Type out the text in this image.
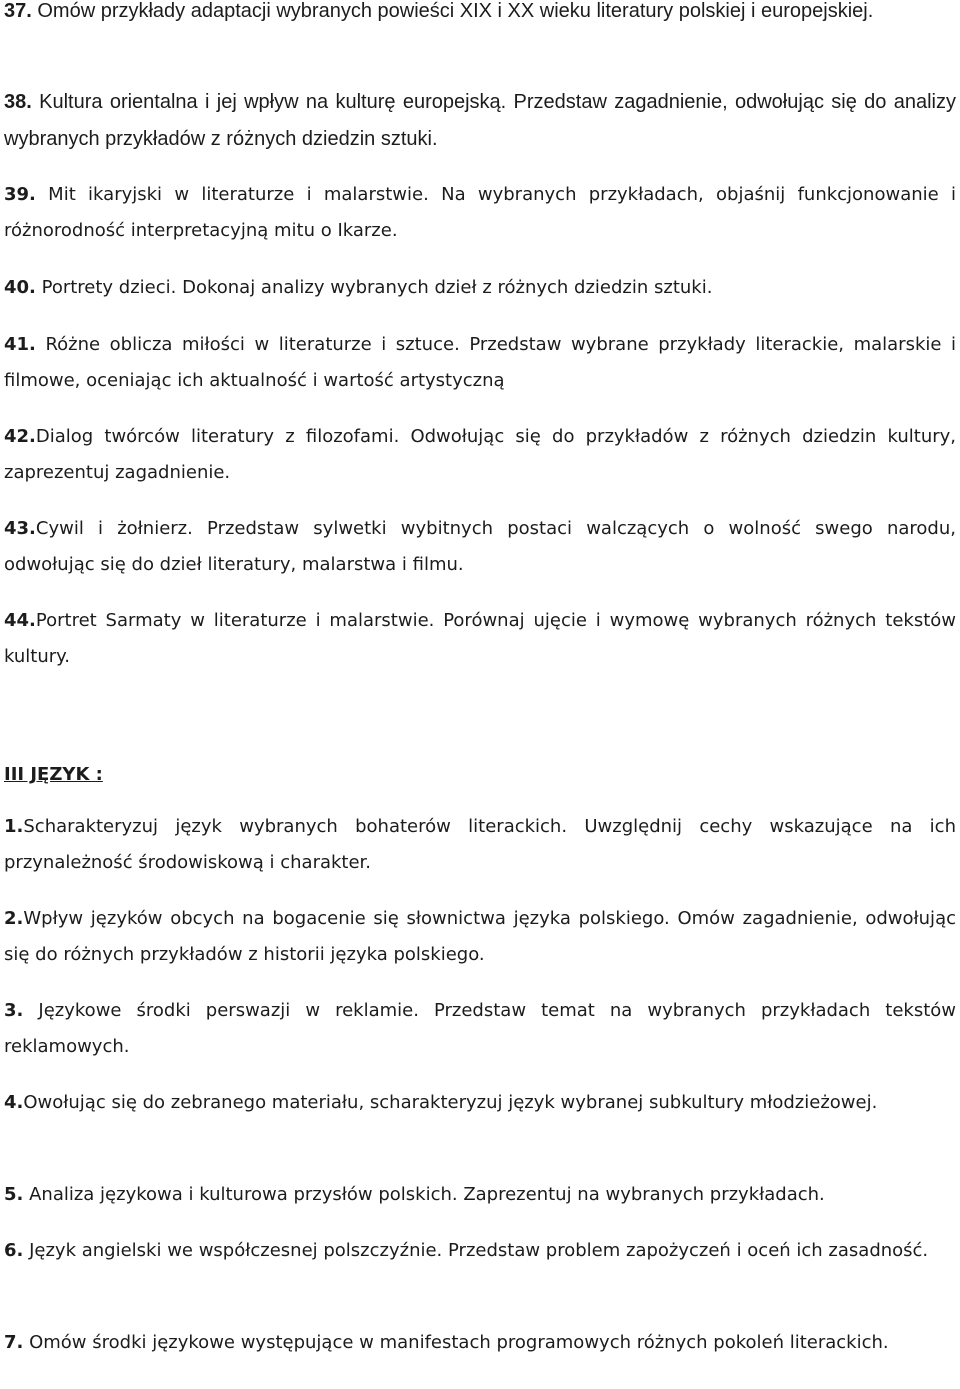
37. Omów przykłady adaptacji wybranych powieści XIX i XX wieku literatury polskiej i europejskiej.

38. Kultura orientalna i jej wpływ na kulturę europejską. Przedstaw zagadnienie, odwołując się do analizy wybranych przykładów z różnych dziedzin sztuki.

39. Mit ikaryjski w literaturze i malarstwie. Na wybranych przykładach, objaśnij funkcjonowanie i różnorodność interpretacyjną mitu o Ikarze.

40. Portrety dzieci. Dokonaj analizy wybranych dzieł z różnych dziedzin sztuki.

41. Różne oblicza miłości w literaturze i sztuce. Przedstaw wybrane przykłady literackie, malarskie i filmowe, oceniając ich aktualność i wartość artystyczną

42.Dialog twórców literatury z filozofami. Odwołując się do przykładów z różnych dziedzin kultury, zaprezentuj zagadnienie.

43.Cywil i żołnierz. Przedstaw sylwetki wybitnych postaci walczących o wolność swego narodu, odwołując się do dzieł literatury, malarstwa i filmu.

44.Portret Sarmaty w literaturze i malarstwie. Porównaj ujęcie i wymowę wybranych różnych tekstów kultury.

III JĘZYK :

1.Scharakteryzuj język wybranych bohaterów literackich. Uwzględnij cechy wskazujące na ich przynależność środowiskową i charakter.

2.Wpływ języków obcych na bogacenie się słownictwa języka polskiego. Omów zagadnienie, odwołując się do różnych przykładów z historii języka polskiego.

3. Językowe środki perswazji w reklamie. Przedstaw temat na wybranych przykładach tekstów reklamowych.

4.Owołując się do zebranego materiału, scharakteryzuj język wybranej subkultury młodzieżowej.

5. Analiza językowa i kulturowa przysłów polskich. Zaprezentuj na wybranych przykładach.

6. Język angielski we współczesnej polszczyźnie. Przedstaw problem zapożyczeń i oceń ich zasadność.

7. Omów środki językowe występujące w manifestach programowych różnych pokoleń literackich.
